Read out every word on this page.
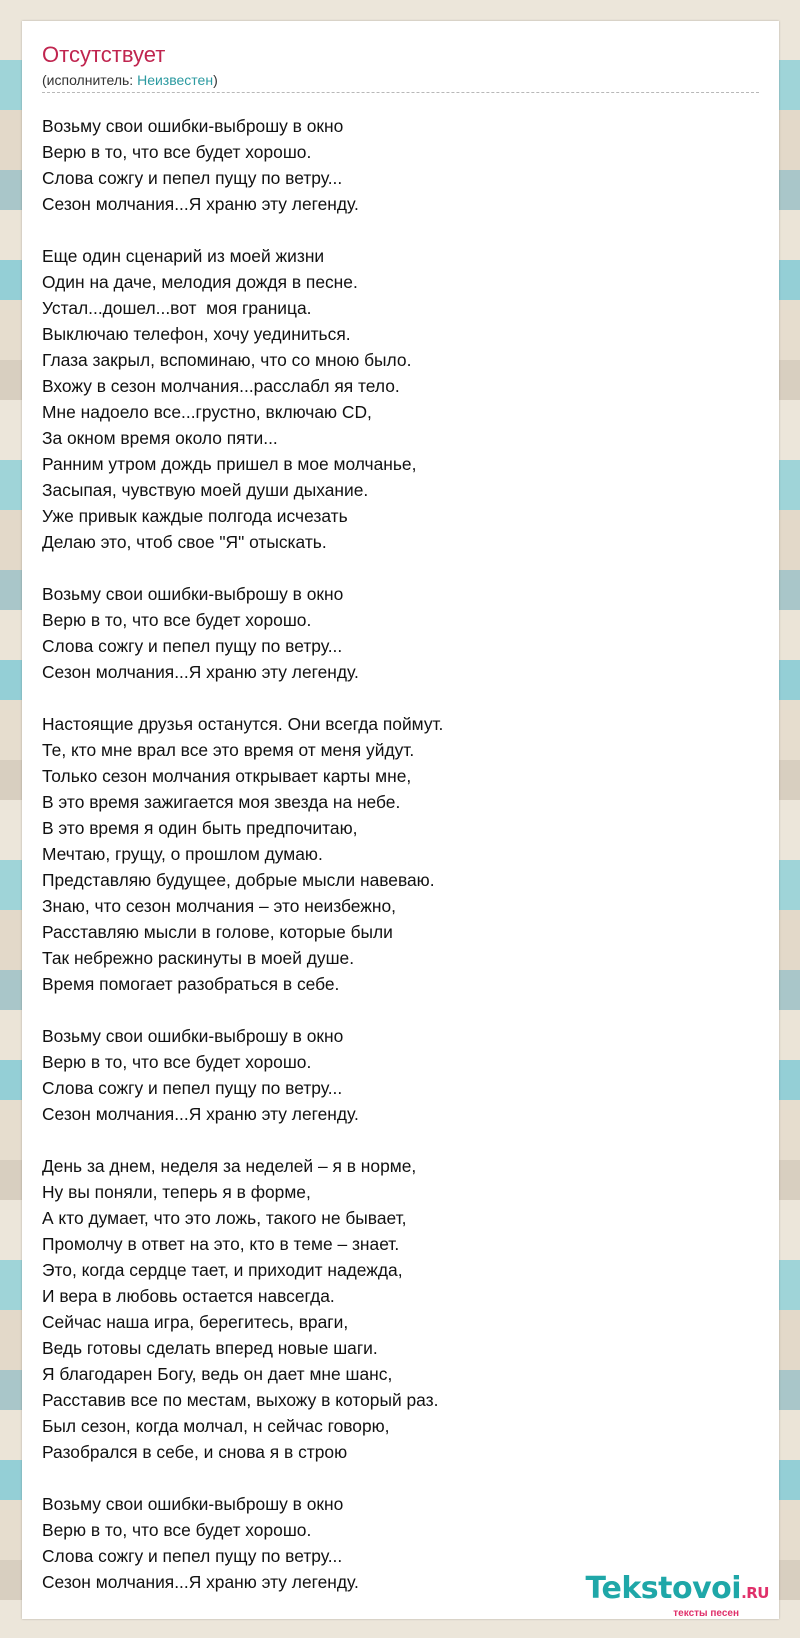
Отсутствует
(исполнитель: Неизвестен)
Возьму свои ошибки-выброшу в окно
Верю в то, что все будет хорошо.
Слова сожгу и пепел пущу по ветру...
Сезон молчания...Я храню эту легенду.
Еще один сценарий из моей жизни
Один на даче, мелодия дождя в песне.
Устал...дошел...вот  моя граница.
Выключаю телефон, хочу уединиться.
Глаза закрыл, вспоминаю, что со мною было.
Вхожу в сезон молчания...расслабл яя тело.
Мне надоело все...грустно, включаю CD,
За окном время около пяти...
Ранним утром дождь пришел в мое молчанье,
Засыпая, чувствую моей души дыхание.
Уже привык каждые полгода исчезать
Делаю это, чтоб свое "Я" отыскать.
Возьму свои ошибки-выброшу в окно
Верю в то, что все будет хорошо.
Слова сожгу и пепел пущу по ветру...
Сезон молчания...Я храню эту легенду.
Настоящие друзья останутся. Они всегда поймут.
Те, кто мне врал все это время от меня уйдут.
Только сезон молчания открывает карты мне,
В это время зажигается моя звезда на небе.
В это время я один быть предпочитаю,
Мечтаю, грущу, о прошлом думаю.
Представляю будущее, добрые мысли навеваю.
Знаю, что сезон молчания – это неизбежно,
Расставляю мысли в голове, которые были
Так небрежно раскинуты в моей душе.
Время помогает разобраться в себе.
Возьму свои ошибки-выброшу в окно
Верю в то, что все будет хорошо.
Слова сожгу и пепел пущу по ветру...
Сезон молчания...Я храню эту легенду.
День за днем, неделя за неделей – я в норме,
Ну вы поняли, теперь я в форме,
А кто думает, что это ложь, такого не бывает,
Промолчу в ответ на это, кто в теме – знает.
Это, когда сердце тает, и приходит надежда,
И вера в любовь остается навсегда.
Сейчас наша игра, берегитесь, враги,
Ведь готовы сделать вперед новые шаги.
Я благодарен Богу, ведь он дает мне шанс,
Расставив все по местам, выхожу в который раз.
Был сезон, когда молчал, н сейчас говорю,
Разобрался в себе, и снова я в строю
Возьму свои ошибки-выброшу в окно
Верю в то, что все будет хорошо.
Слова сожгу и пепел пущу по ветру...
Сезон молчания...Я храню эту легенду.	Tekstovoi.RU
тексты песен
